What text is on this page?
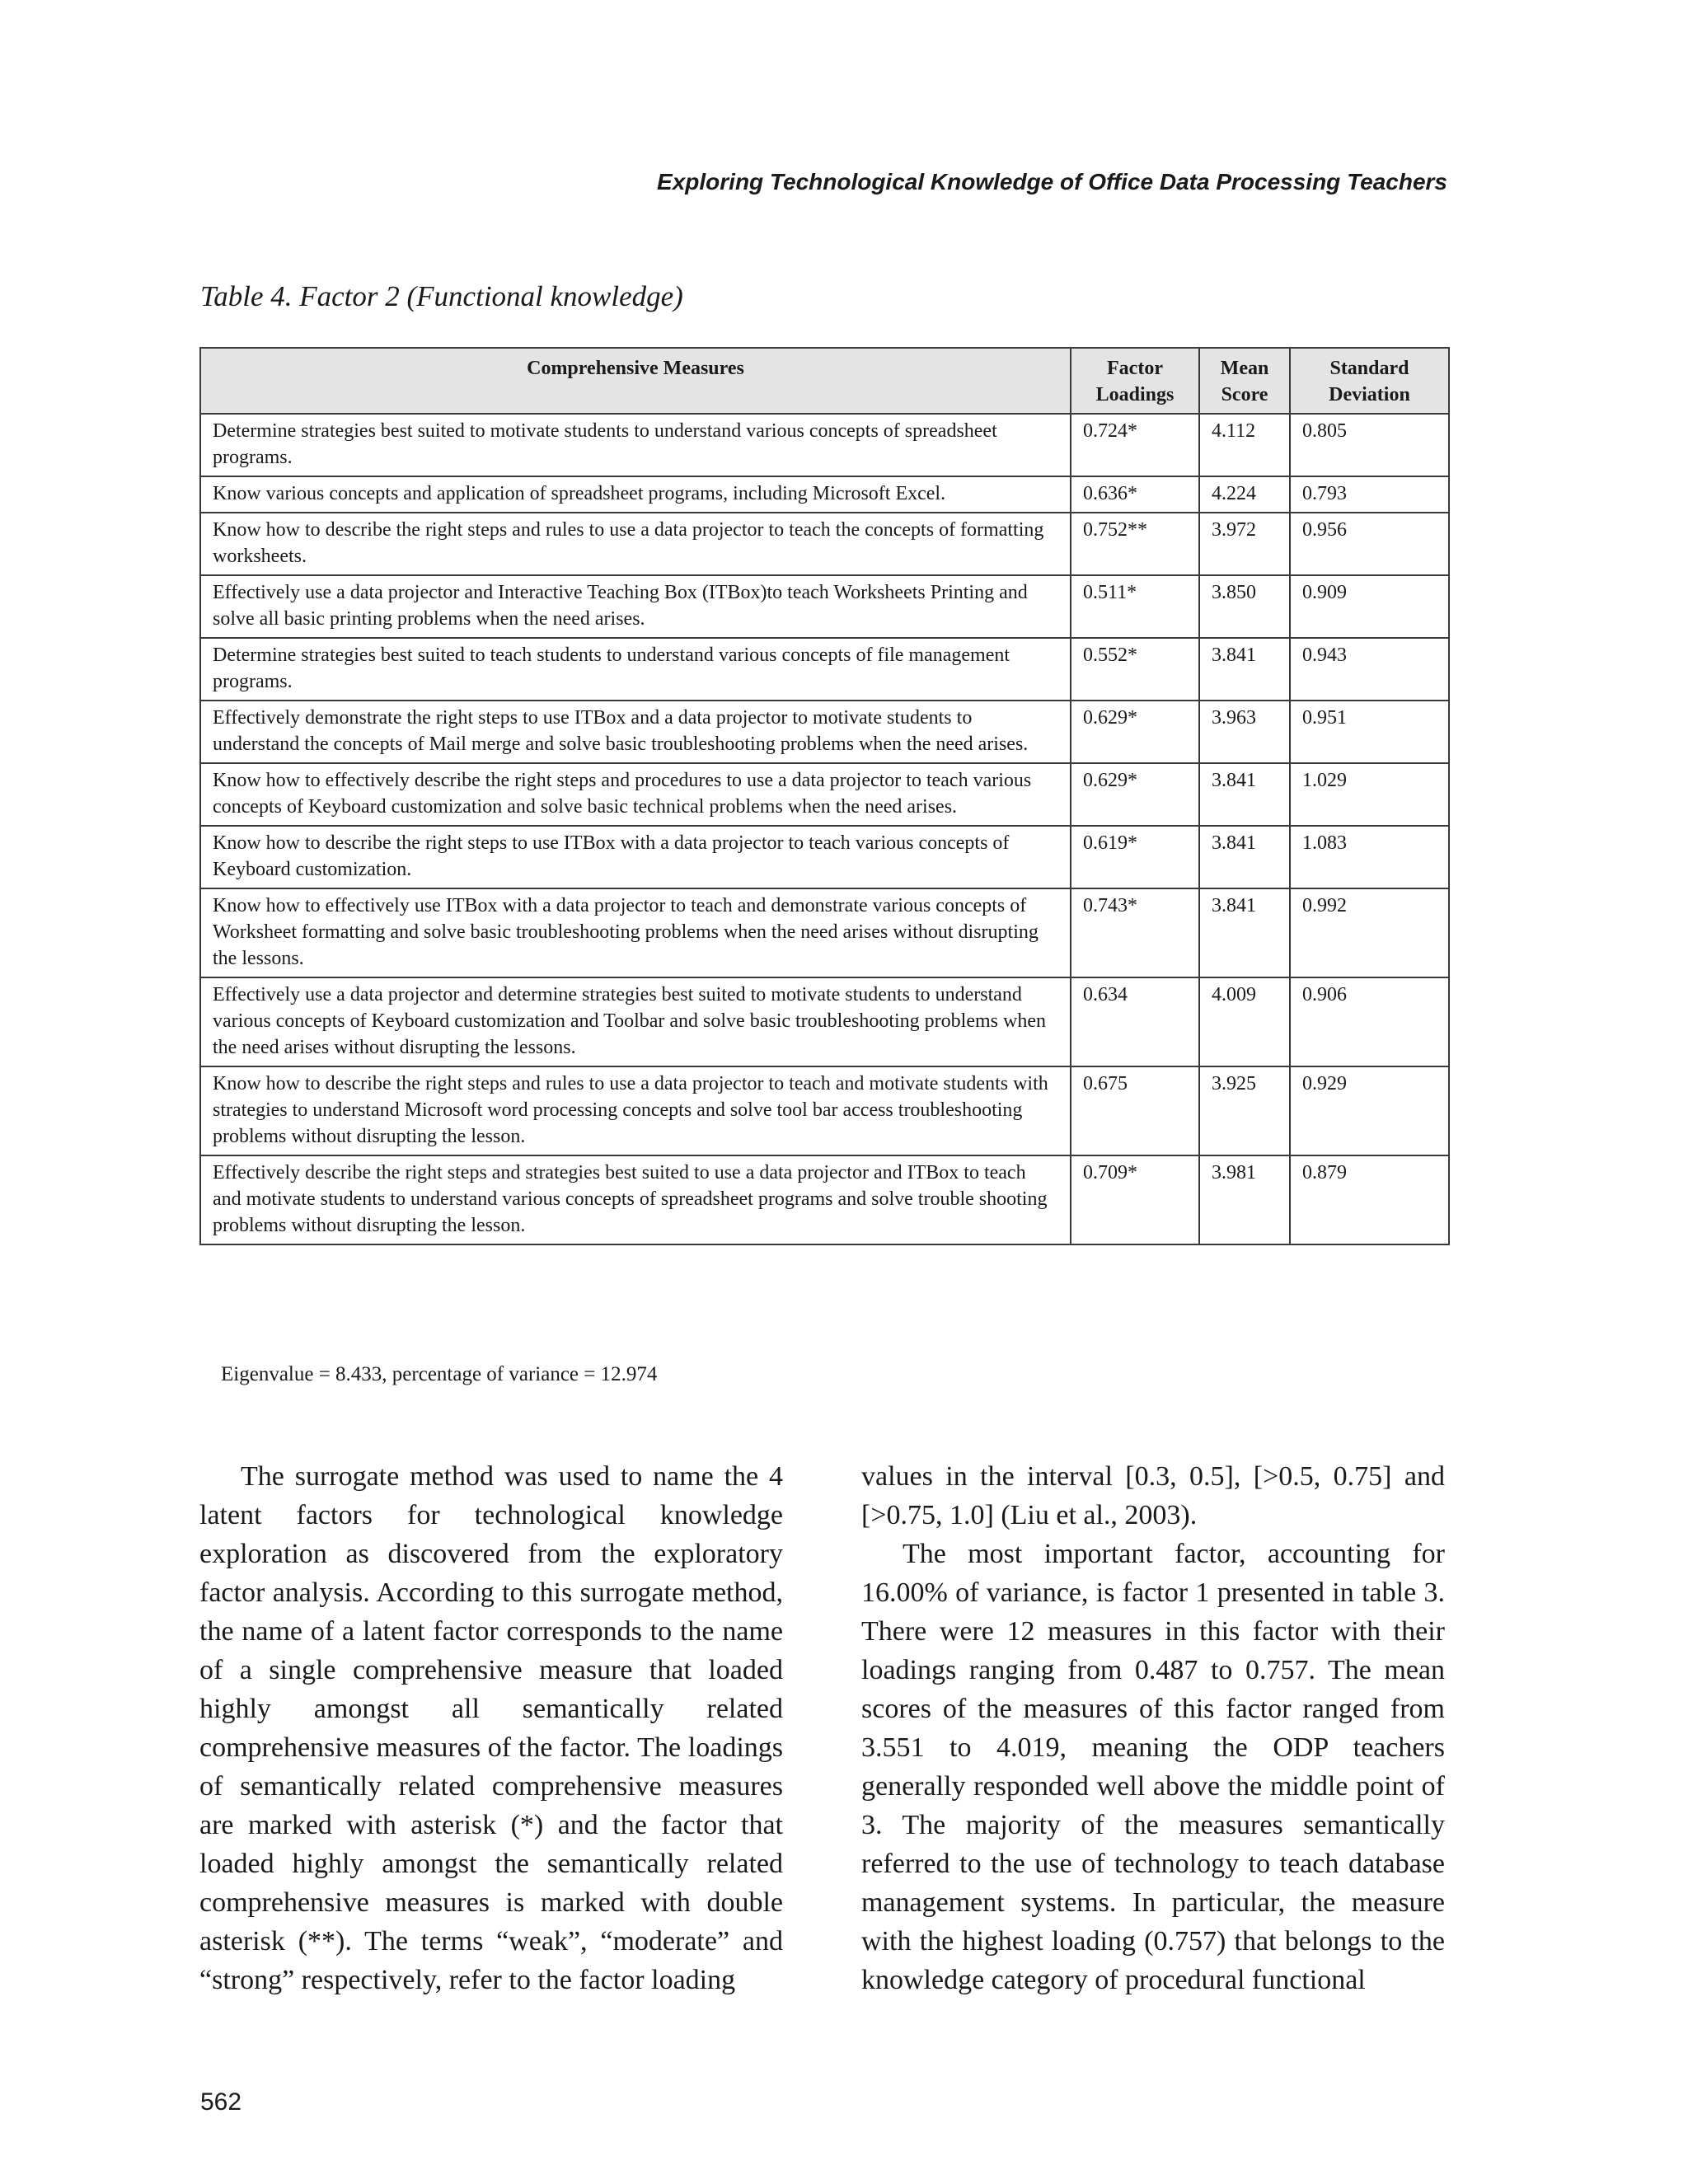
Exploring Technological Knowledge of Office Data Processing Teachers
Table 4. Factor 2 (Functional knowledge)
Comprehensive Measures	Factor Loadings	Mean Score	Standard Deviation
Determine strategies best suited to motivate students to understand various concepts of spreadsheet programs.	0.724*	4.112	0.805
Know various concepts and application of spreadsheet programs, including Microsoft Excel.	0.636*	4.224	0.793
Know how to describe the right steps and rules to use a data projector to teach the concepts of formatting worksheets.	0.752**	3.972	0.956
Effectively use a data projector and Interactive Teaching Box (ITBox)to teach Worksheets Printing and solve all basic printing problems when the need arises.	0.511*	3.850	0.909
Determine strategies best suited to teach students to understand various concepts of file management programs.	0.552*	3.841	0.943
Effectively demonstrate the right steps to use ITBox and a data projector to motivate students to understand the concepts of Mail merge and solve basic troubleshooting problems when the need arises.	0.629*	3.963	0.951
Know how to effectively describe the right steps and procedures to use a data projector to teach various concepts of Keyboard customization and solve basic technical problems when the need arises.	0.629*	3.841	1.029
Know how to describe the right steps to use ITBox with a data projector to teach various concepts of Keyboard customization.	0.619*	3.841	1.083
Know how to effectively use ITBox with a data projector to teach and demonstrate various concepts of Worksheet formatting and solve basic troubleshooting problems when the need arises without disrupting the lessons.	0.743*	3.841	0.992
Effectively use a data projector and determine strategies best suited to motivate students to understand various concepts of Keyboard customization and Toolbar and solve basic troubleshooting problems when the need arises without disrupting the lessons.	0.634	4.009	0.906
Know how to describe the right steps and rules to use a data projector to teach and motivate students with strategies to understand Microsoft word processing concepts and solve tool bar access troubleshooting problems without disrupting the lesson.	0.675	3.925	0.929
Effectively describe the right steps and strategies best suited to use a data projector and ITBox to teach and motivate students to understand various concepts of spreadsheet programs and solve trouble shooting problems without disrupting the lesson.	0.709*	3.981	0.879
Eigenvalue = 8.433, percentage of variance = 12.974

The surrogate method was used to name the 4 latent factors for technological knowledge exploration as discovered from the exploratory factor analysis. According to this surrogate method, the name of a latent factor corresponds to the name of a single comprehensive measure that loaded highly amongst all semantically related comprehensive measures of the factor. The loadings of semantically related comprehensive measures are marked with asterisk (*) and the factor that loaded highly amongst the semantically related comprehensive measures is marked with double asterisk (**). The terms “weak”, “moderate” and “strong” respectively, refer to the factor loading

values in the interval [0.3, 0.5], [>0.5, 0.75] and [>0.75, 1.0] (Liu et al., 2003).

The most important factor, accounting for 16.00% of variance, is factor 1 presented in table 3. There were 12 measures in this factor with their loadings ranging from 0.487 to 0.757. The mean scores of the measures of this factor ranged from 3.551 to 4.019, meaning the ODP teachers generally responded well above the middle point of 3. The majority of the measures semantically referred to the use of technology to teach database management systems. In particular, the measure with the highest loading (0.757) that belongs to the knowledge category of procedural functional

562
